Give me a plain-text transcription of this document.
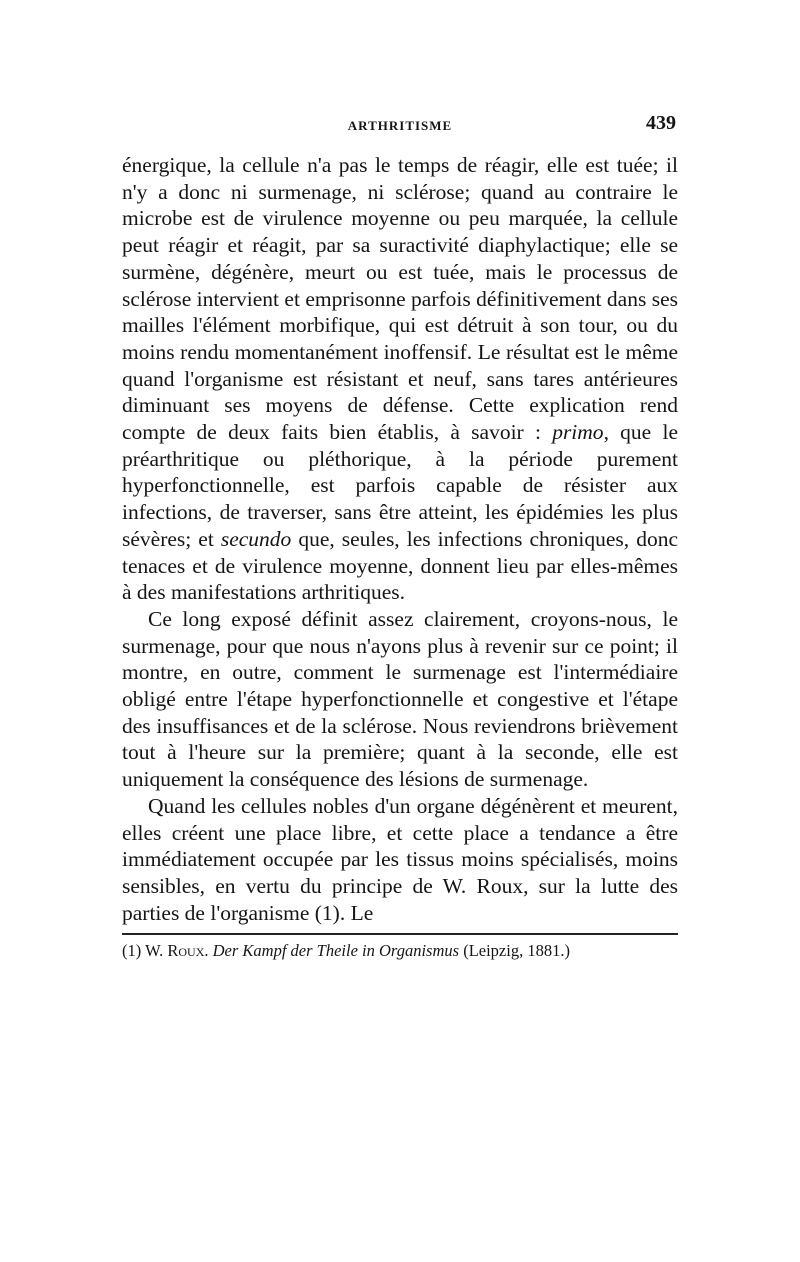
ARTHRITISME	439

énergique, la cellule n'a pas le temps de réagir, elle est tuée; il n'y a donc ni surmenage, ni sclérose; quand au contraire le microbe est de virulence moyenne ou peu marquée, la cellule peut réagir et réagit, par sa suractivité diaphylactique; elle se surmène, dégénère, meurt ou est tuée, mais le processus de sclérose intervient et emprisonne parfois définitivement dans ses mailles l'élément morbifique, qui est détruit à son tour, ou du moins rendu momentanément inoffensif. Le résultat est le même quand l'organisme est résistant et neuf, sans tares antérieures diminuant ses moyens de défense. Cette explication rend compte de deux faits bien établis, à savoir : primo, que le préarthritique ou pléthorique, à la période purement hyperfonctionnelle, est parfois capable de résister aux infections, de traverser, sans être atteint, les épidémies les plus sévères; et secundo que, seules, les infections chroniques, donc tenaces et de virulence moyenne, donnent lieu par elles-mêmes à des manifestations arthritiques.

Ce long exposé définit assez clairement, croyons-nous, le surmenage, pour que nous n'ayons plus à revenir sur ce point; il montre, en outre, comment le surmenage est l'intermédiaire obligé entre l'étape hyperfonctionnelle et congestive et l'étape des insuffisances et de la sclérose. Nous reviendrons brièvement tout à l'heure sur la première; quant à la seconde, elle est uniquement la conséquence des lésions de surmenage.

Quand les cellules nobles d'un organe dégénèrent et meurent, elles créent une place libre, et cette place a tendance a être immédiatement occupée par les tissus moins spécialisés, moins sensibles, en vertu du principe de W. Roux, sur la lutte des parties de l'organisme (1). Le

(1) W. Roux. Der Kampf der Theile in Organismus (Leipzig, 1881.)
